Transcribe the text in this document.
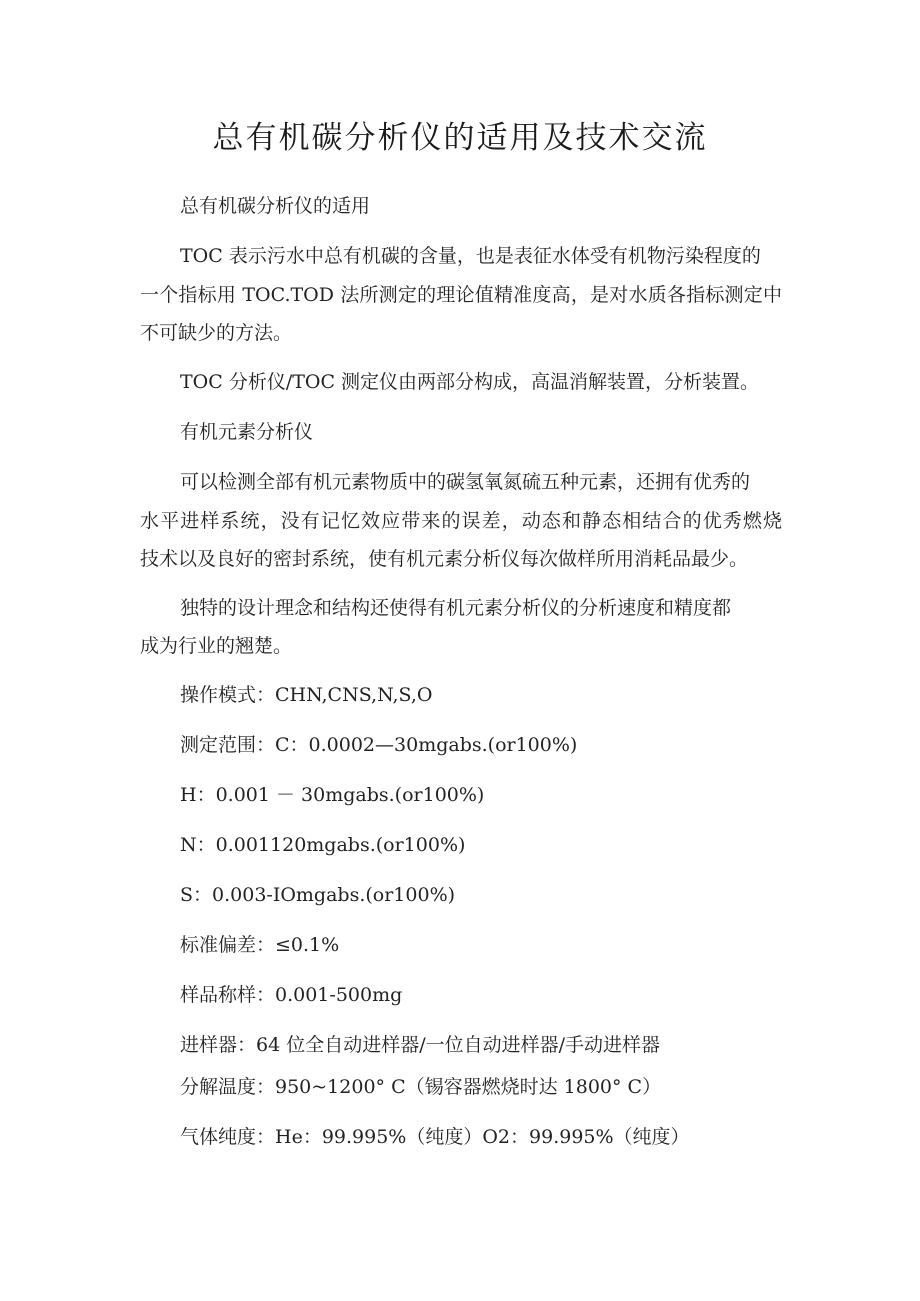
总有机碳分析仪的适用及技术交流

总有机碳分析仪的适用

TOC 表示污水中总有机碳的含量，也是表征水体受有机物污染程度的

一个指标用 TOC.TOD 法所测定的理论值精准度高，是对水质各指标测定中

不可缺少的方法。

TOC 分析仪/TOC 测定仪由两部分构成，高温消解装置，分析装置。

有机元素分析仪

可以检测全部有机元素物质中的碳氢氧氮硫五种元素，还拥有优秀的

水平进样系统，没有记忆效应带来的误差，动态和静态相结合的优秀燃烧

技术以及良好的密封系统，使有机元素分析仪每次做样所用消耗品最少。

独特的设计理念和结构还使得有机元素分析仪的分析速度和精度都

成为行业的翘楚。

操作模式：CHN,CNS,N,S,O

测定范围：C：0.0002—30mgabs.(or100%)

H：0.001 － 30mgabs.(or100%)

N：0.001120mgabs.(or100%)

S：0.003-IOmgabs.(or100%)

标准偏差：≤0.1%

样品称样：0.001-500mg

进样器：64 位全自动进样器/一位自动进样器/手动进样器

分解温度：950~1200° C（锡容器燃烧时达 1800° C）

气体纯度：He：99.995%（纯度）O2：99.995%（纯度）
